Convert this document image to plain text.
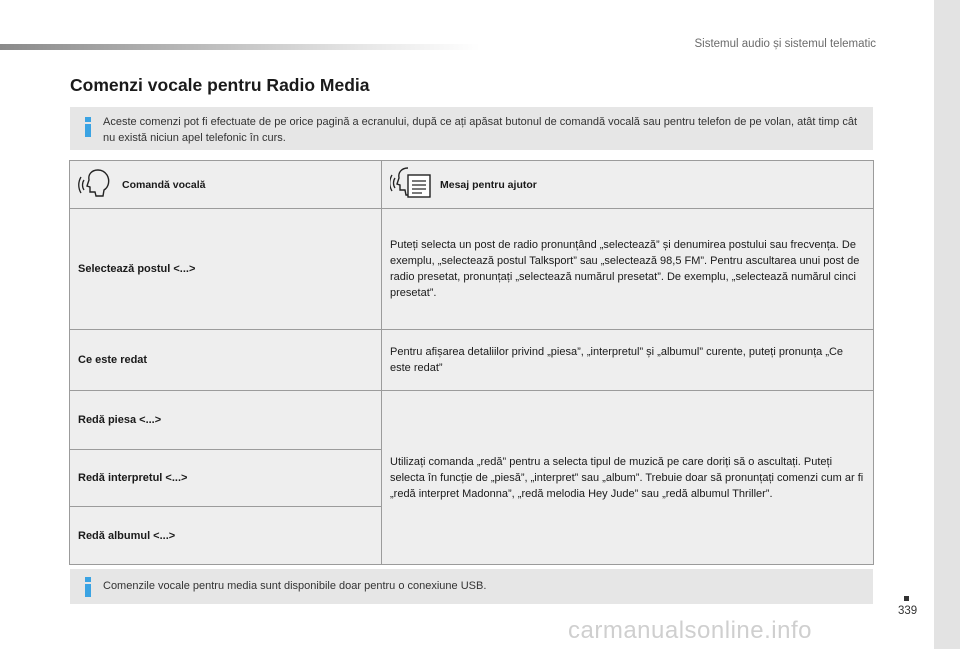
Sistemul audio și sistemul telematic
Comenzi vocale pentru Radio Media
Aceste comenzi pot fi efectuate de pe orice pagină a ecranului, după ce ați apăsat butonul de comandă vocală sau pentru telefon de pe volan, atât timp cât nu există niciun apel telefonic în curs.
Comandă vocală	Mesaj pentru ajutor

Selectează postul <...>	Puteți selecta un post de radio pronunțând „selectează” și denumirea postului sau frecvența. De exemplu, „selectează postul Talksport” sau „selectează 98,5 FM”. Pentru ascultarea unui post de radio presetat, pronunțați „selectează numărul presetat”. De exemplu, „selectează numărul cinci presetat”.
Ce este redat	Pentru afișarea detaliilor privind „piesa”, „interpretul” și „albumul” curente, puteți pronunța „Ce este redat”
Redă piesa <...>	Utilizați comanda „redă” pentru a selecta tipul de muzică pe care doriți să o ascultați. Puteți selecta în funcție de „piesă”, „interpret” sau „album”. Trebuie doar să pronunțați comenzi cum ar fi „redă interpret Madonna”, „redă melodia Hey Jude” sau „redă albumul Thriller”.
Redă interpretul <...>	
Redă albumul <...>	
Comenzile vocale pentru media sunt disponibile doar pentru o conexiune USB.
339
carmanualsonline.info
